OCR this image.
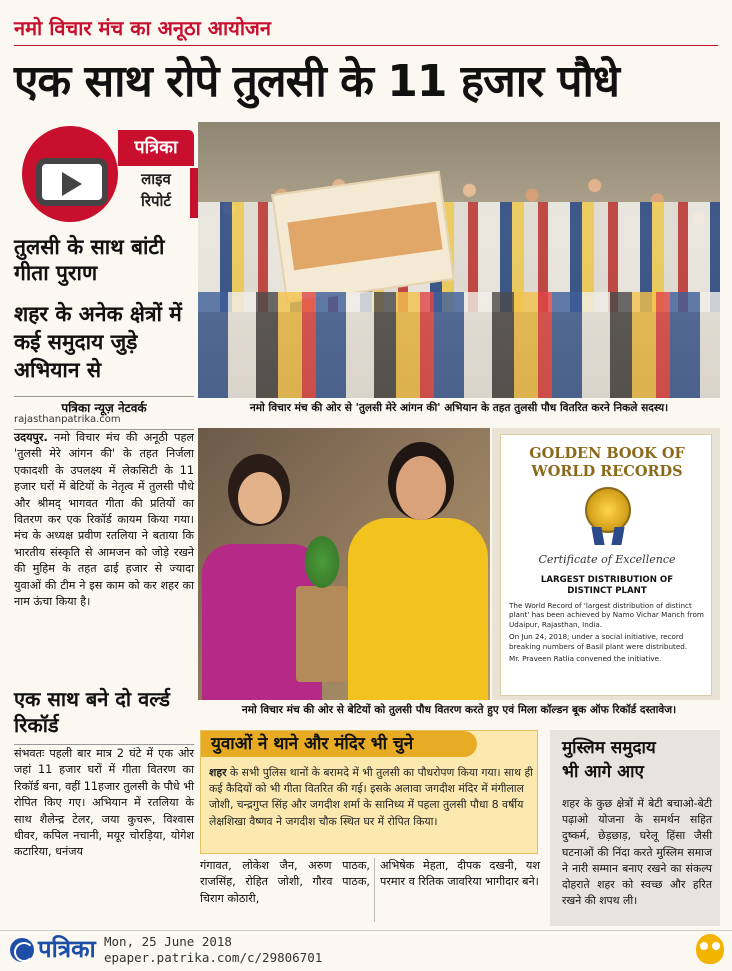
नमो विचार मंच का अनूठा आयोजन
एक साथ रोपे तुलसी के 11 हजार पौधे
पत्रिका
लाइव
रिपोर्ट
तुलसी के साथ बांटी गीता पुराण
शहर के अनेक क्षेत्रों में कई समुदाय जुड़े अभियान से
पत्रिका न्यूज़ नेटवर्क
rajasthanpatrika.com
उदयपुर. नमो विचार मंच की अनूठी पहल 'तुलसी मेरे आंगन की' के तहत निर्जला एकादशी के उपलक्ष्य में लेकसिटी के 11 हजार घरों में बेटियों के नेतृत्व में तुलसी पौधे और श्रीमद् भागवत गीता की प्रतियों का वितरण कर एक रिकॉर्ड कायम किया गया। मंच के अध्यक्ष प्रवीण रतलिया ने बताया कि भारतीय संस्कृति से आमजन को जोड़े रखने की मुहिम के तहत ढाई हजार से ज्यादा युवाओं की टीम ने इस काम को कर शहर का नाम ऊंचा किया है।
एक साथ बने दो वर्ल्ड रिकॉर्ड
संभवतः पहली बार मात्र 2 घंटे में एक ओर जहां 11 हजार घरों में गीता वितरण का रिकॉर्ड बना, वहीं 11हजार तुलसी के पौधे भी रोपित किए गए। अभियान में रतलिया के साथ शैलेन्द्र टेलर, जया कुचरू, विश्वास धीवर, कपिल नचानी, मयूर चोरड़िया, योगेश कटारिया, धनंजय
नमो विचार मंच की ओर से 'तुलसी मेरे आंगन की' अभियान के तहत तुलसी पौध वितरित करने निकले सदस्य।
GOLDEN BOOK OF
WORLD RECORDS
Certificate of Excellence
LARGEST DISTRIBUTION OF
DISTINCT PLANT

The World Record of 'largest distribution of distinct plant' has been achieved by Namo Vichar Manch from Udaipur, Rajasthan, India.

On Jun 24, 2018; under a social initiative, record breaking numbers of Basil plant were distributed.

Mr. Praveen Ratlia convened the initiative.

नमो विचार मंच की ओर से बेटियों को तुलसी पौध वितरण करते हुए एवं मिला कॉल्डन बूक ऑफ रिकॉर्ड दस्तावेज।
युवाओं ने थाने और मंदिर भी चुने
शहर के सभी पुलिस थानों के बरामदे में भी तुलसी का पौधरोपण किया गया। साथ ही कई कैदियों को भी गीता वितरित की गई। इसके अलावा जगदीश मंदिर में मंगीलाल जोशी, चन्द्रगुप्त सिंह और जगदीश शर्मा के सानिध्य में पहला तुलसी पौधा 8 वर्षीय लेक्षशिखा वैष्णव ने जगदीश चौक स्थित घर में रोपित किया।
गंगावत, लोकेश जैन, अरुण पाठक, राजसिंह, रोहित जोशी, गौरव पाठक, चिराग कोठारी,
अभिषेक मेहता, दीपक दखनी, यश परमार व रितिक जावरिया भागीदार बने।
मुस्लिम समुदाय
भी आगे आए
शहर के कुछ क्षेत्रों में बेटी बचाओ-बेटी पढ़ाओ योजना के समर्थन सहित दुष्कर्म, छेड़छाड़, घरेलू हिंसा जैसी घटनाओं की निंदा करते मुस्लिम समाज ने नारी सम्मान बनाए रखने का संकल्प दोहराते शहर को स्वच्छ और हरित रखने की शपथ ली।
पत्रिका Mon, 25 June 2018
epaper.patrika.com/c/29806701
